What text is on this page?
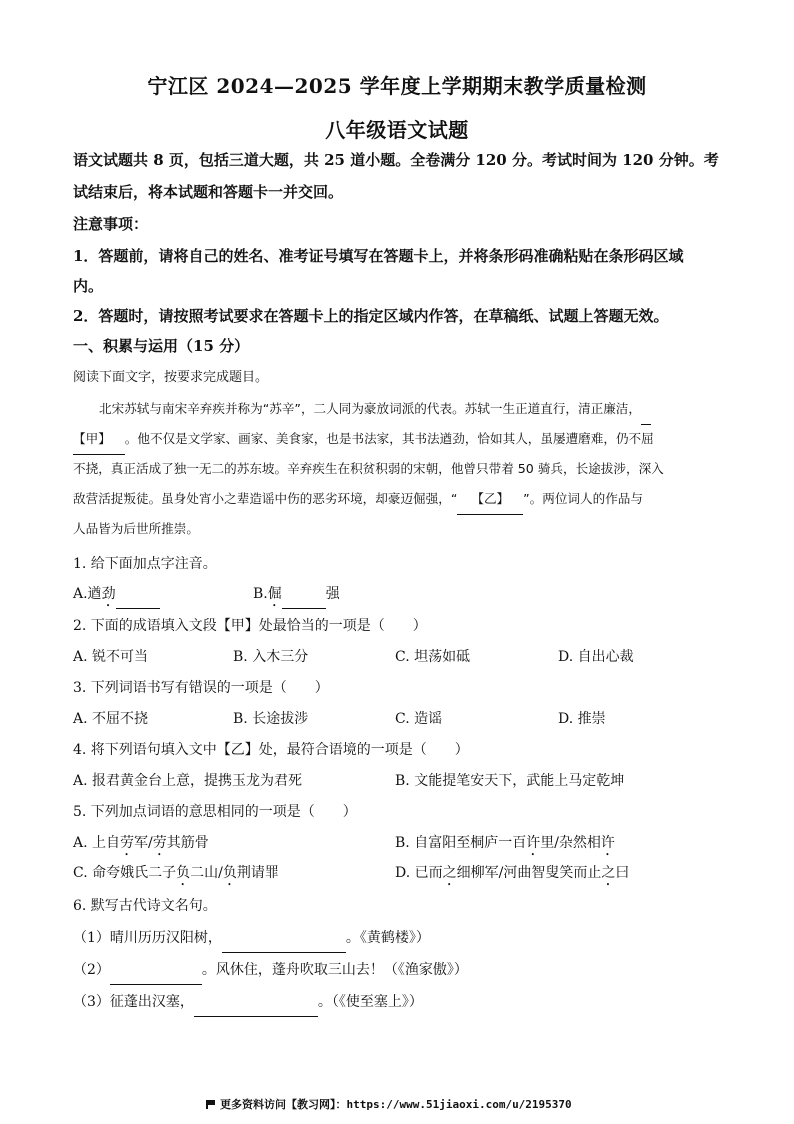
宁江区 2024—2025 学年度上学期期末教学质量检测
八年级语文试题
语文试题共 8 页，包括三道大题，共 25 道小题。全卷满分 120 分。考试时间为 120 分钟。考
试结束后，将本试题和答题卡一并交回。
注意事项：
1．答题前，请将自己的姓名、准考证号填写在答题卡上，并将条形码准确粘贴在条形码区域
内。
2．答题时，请按照考试要求在答题卡上的指定区域内作答，在草稿纸、试题上答题无效。
一、积累与运用（15 分）
阅读下面文字，按要求完成题目。
北宋苏轼与南宋辛弃疾并称为“苏辛”，二人同为豪放词派的代表。苏轼一生正道直行，清正廉洁，
【甲】 。他不仅是文学家、画家、美食家，也是书法家，其书法遒劲，恰如其人，虽屡遭磨难，仍不屈
不挠，真正活成了独一无二的苏东坡。辛弃疾生在积贫积弱的宋朝，他曾只带着 50 骑兵，长途拔涉，深入
敌营活捉叛徒。虽身处宵小之辈造谣中伤的恶劣环境，却豪迈倔强，“ 【乙】 ”。两位词人的作品与
人品皆为后世所推崇。
1. 给下面加点字注音。
A.遒劲	B.倔	强
2. 下面的成语填入文段【甲】处最恰当的一项是（　　）
A. 锐不可当	B. 入木三分	C. 坦荡如砥	D. 自出心裁
3. 下列词语书写有错误的一项是（　　）
A. 不屈不挠	B. 长途拔涉	C. 造谣	D. 推崇
4. 将下列语句填入文中【乙】处，最符合语境的一项是（　　）
A. 报君黄金台上意，提携玉龙为君死	B. 文能提笔安天下，武能上马定乾坤
5. 下列加点词语的意思相同的一项是（　　）
A. 上自劳军/劳其筋骨	B. 自富阳至桐庐一百许里/杂然相许
C. 命夸娥氏二子负二山/负荆请罪	D. 已而之细柳军/河曲智叟笑而止之曰
6. 默写古代诗文名句。
（1）晴川历历汉阳树，	。《黄鹤楼》）
（2）	。风休住，蓬舟吹取三山去！（《渔家傲》）
（3）征蓬出汉塞，	。（《使至塞上》）
更多资料访问【教习网】：https://www.51jiaoxi.com/u/2195370
